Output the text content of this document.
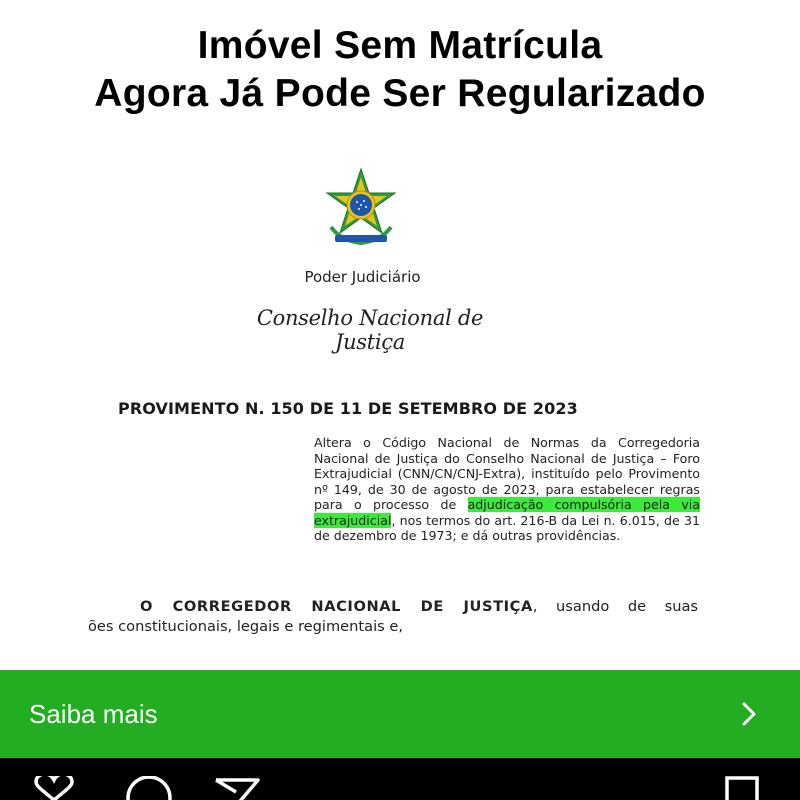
Imóvel Sem Matrícula
Agora Já Pode Ser Regularizado
Poder Judiciário
Conselho Nacional de Justiça
PROVIMENTO N. 150 DE 11 DE SETEMBRO DE 2023
Altera o Código Nacional de Normas da Corregedoria Nacional de Justiça do Conselho Nacional de Justiça – Foro Extrajudicial (CNN/CN/CNJ-Extra), instituído pelo Provimento nº 149, de 30 de agosto de 2023, para estabelecer regras para o processo de adjudicação compulsória pela via extrajudicial, nos termos do art. 216-B da Lei n. 6.015, de 31 de dezembro de 1973; e dá outras providências.
O CORREGEDOR NACIONAL DE JUSTIÇA, usando de suas
ões constitucionais, legais e regimentais e,
Saiba mais
